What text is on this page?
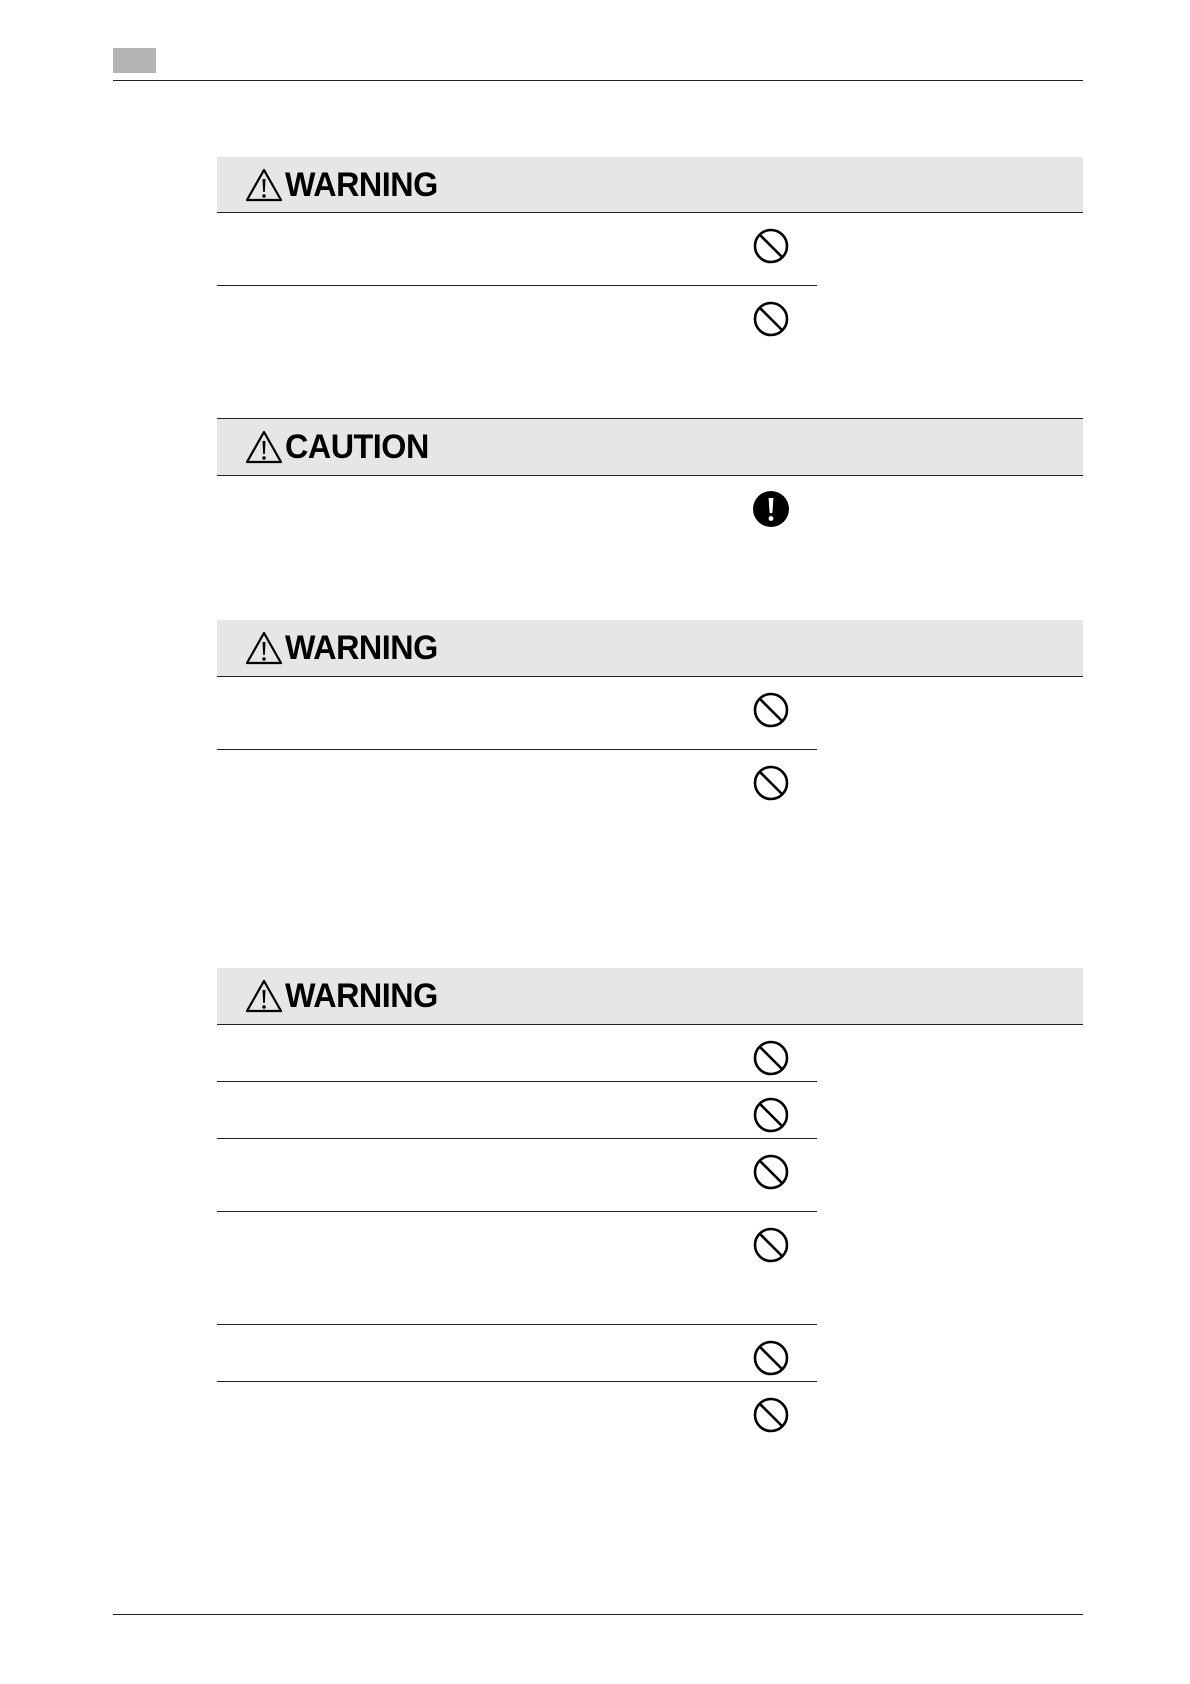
WARNING
CAUTION
WARNING
WARNING
